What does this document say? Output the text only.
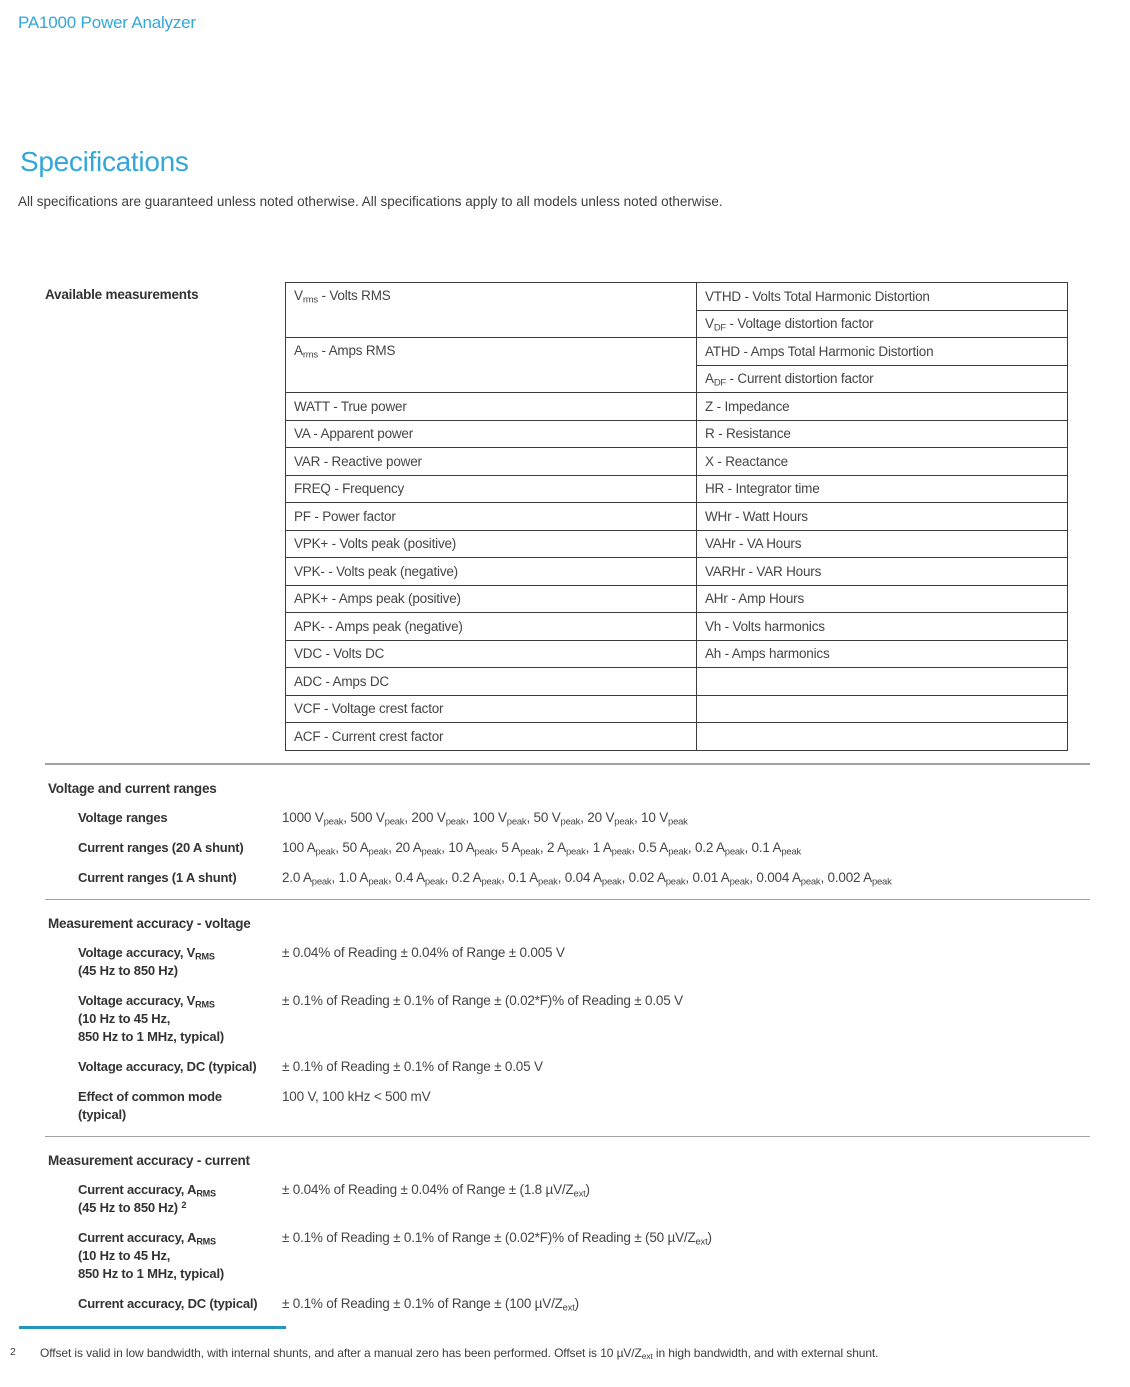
PA1000 Power Analyzer
Specifications

All specifications are guaranteed unless noted otherwise. All specifications apply to all models unless noted otherwise.

Available measurements	$V_{rms}$ - Volts RMS	VTHD - Volts Total Harmonic Distortion
	$V_{DF}$ - Voltage distortion factor
$A_{rms}$ - Amps RMS	ATHD - Amps Total Harmonic Distortion
	$A_{DF}$ - Current distortion factor
WATT - True power	Z - Impedance
VA - Apparent power	R - Resistance
VAR - Reactive power	X - Reactance
FREQ - Frequency	HR - Integrator time
PF - Power factor	WHr - Watt Hours
VPK+ - Volts peak (positive)	VAHr - VA Hours
VPK- - Volts peak (negative)	VARHr - VAR Hours
APK+ - Amps peak (positive)	AHr - Amp Hours
APK- - Amps peak (negative)	Vh - Volts harmonics
VDC - Volts DC	Ah - Amps harmonics
ADC - Amps DC	
VCF - Voltage crest factor	
ACF - Current crest factor	
Voltage and current ranges
Voltage ranges	1000 $V_{peak}$, 500 $V_{peak}$, 200 $V_{peak}$, 100 $V_{peak}$, 50 $V_{peak}$, 20 $V_{peak}$, 10 $V_{peak}$
Current ranges (20 A shunt)	100 $A_{peak}$, 50 $A_{peak}$, 20 $A_{peak}$, 10 $A_{peak}$, 5 $A_{peak}$, 2 $A_{peak}$, 1 $A_{peak}$, 0.5 $A_{peak}$, 0.2 $A_{peak}$, 0.1 $A_{peak}$
Current ranges (1 A shunt)	2.0 $A_{peak}$, 1.0 $A_{peak}$, 0.4 $A_{peak}$, 0.2 $A_{peak}$, 0.1 $A_{peak}$, 0.04 $A_{peak}$, 0.02 $A_{peak}$, 0.01 $A_{peak}$, 0.004 $A_{peak}$, 0.002 $A_{peak}$
Measurement accuracy - voltage
Voltage accuracy, $V_{RMS}$
(45 Hz to 850 Hz)
± 0.04% of Reading ± 0.04% of Range ± 0.005 V
Voltage accuracy, $V_{RMS}$
(10 Hz to 45 Hz,
850 Hz to 1 MHz, typical)
± 0.1% of Reading ± 0.1% of Range ± (0.02*F)% of Reading ± 0.05 V
Voltage accuracy, DC (typical)	± 0.1% of Reading ± 0.1% of Range ± 0.05 V
Effect of common mode
(typical)
100 V, 100 kHz < 500 mV
Measurement accuracy - current
Current accuracy, $A_{RMS}$
(45 Hz to 850 Hz) $^2$
± 0.04% of Reading ± 0.04% of Range ± (1.8 $\mu V/Z_{ext}$)
Current accuracy, $A_{RMS}$
(10 Hz to 45 Hz,
850 Hz to 1 MHz, typical)
± 0.1% of Reading ± 0.1% of Range ± (0.02*F)% of Reading ± (50 $\mu V/Z_{ext}$)
Current accuracy, DC (typical)	± 0.1% of Reading ± 0.1% of Range ± (100 $\mu V/Z_{ext}$)
2 Offset is valid in low bandwidth, with internal shunts, and after a manual zero has been performed. Offset is 10 $\mu V/Z_{ext}$ in high bandwidth, and with external shunt.
